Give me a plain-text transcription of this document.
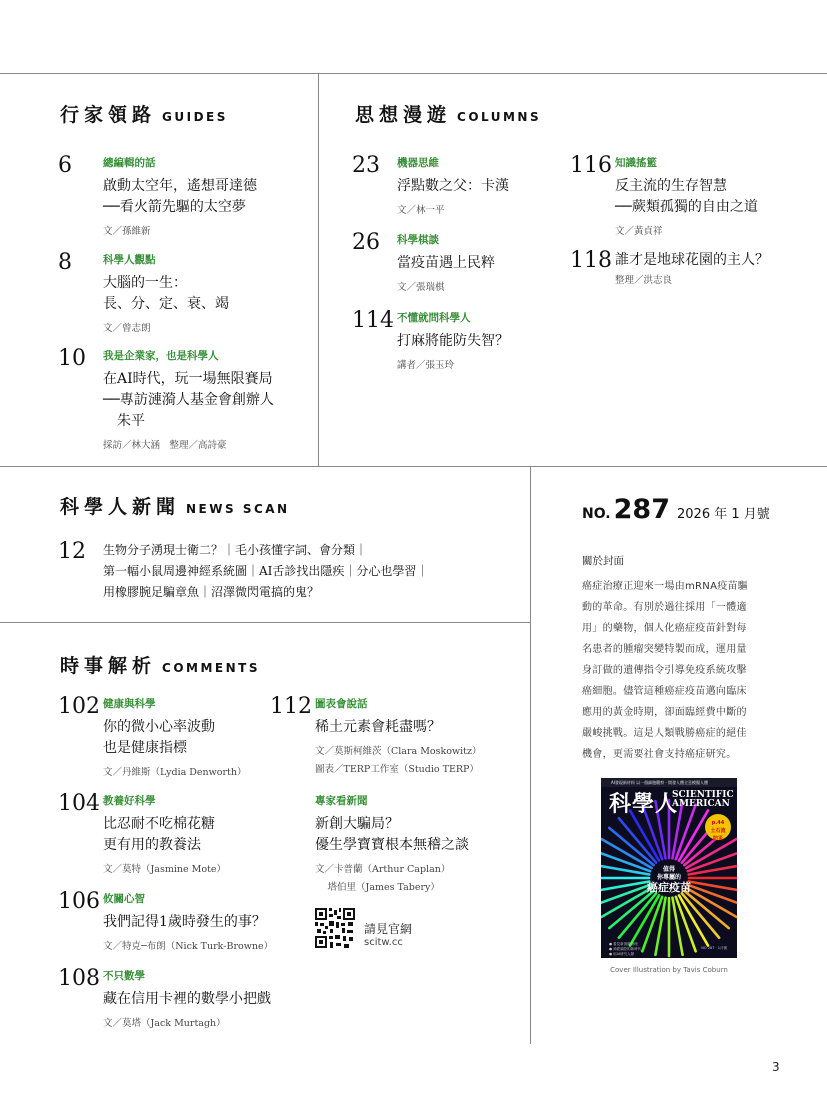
行家領路 GUIDES
6	總編輯的話
啟動太空年，遙想哥達德
──看火箭先驅的太空夢
文／孫維新
8	科學人觀點
大腦的一生：
長、分、定、衰、竭
文／曾志朗
10 我是企業家，也是科學人
在AI時代，玩一場無限賽局
──專訪漣漪人基金會創辦人
　朱平
採訪／林大涵　整理／高詩豪
思想漫遊 COLUMNS
23 機器思維
浮點數之父：卡漢
文／林一平
26 科學棋談
當疫苗遇上民粹
文／張瑞棋
114 不懂就問科學人
打麻將能防失智？
講者／張玉玲
116 知識搖籃
反主流的生存智慧
──蕨類孤獨的自由之道
文／黃貞祥
118 誰才是地球花園的主人？
整理／洪志良
科學人新聞 NEWS SCAN
12 生物分子湧現士衛二？｜毛小孩懂字詞、會分類｜
第一幅小鼠周邊神經系統圖｜AI舌診找出隱疾｜分心也學習｜
用橡膠腕足騙章魚｜沼澤微閃電搞的鬼？
時事解析 COMMENTS
102 健康與科學
你的微小心率波動
也是健康指標
文／丹維斯（Lydia Denworth）
104 教養好科學
比忍耐不吃棉花糖
更有用的教養法
文／莫特（Jasmine Mote）
106 攸關心智
我們記得1歲時發生的事？
文／特克─布朗（Nick Turk-Browne）
108 不只數學
藏在信用卡裡的數學小把戲
文／莫塔（Jack Murtagh）
112 圖表會說話
稀土元素會耗盡嗎？
文／莫斯柯維茨（Clara Moskowitz）
圖表／TERP工作室（Studio TERP）
專家看新聞
新創大騙局？
優生學寶寶根本無稽之談
文／卡普蘭（Arthur Caplan）
　 塔伯里（James Tabery）
請見官網
scitw.cc
NO. 287 2026 年 1 月號
關於封面
癌症治療正迎來一場由mRNA疫苗驅動的革命。有別於過往採用「一體適用」的藥物，個人化癌症疫苗針對每名患者的腫瘤突變特製而成，運用量身訂做的遺傳指令引導免疫系統攻擊癌細胞。儘管這種癌症疫苗邁向臨床應用的黃金時期，卻面臨經費中斷的嚴峻挑戰。這是人類戰勝癌症的絕佳機會，更需要社會支持癌症研究。
AI發現新材料 以一個細胞觀察 · 開發人體全息模擬人體
科學人
SCIENTIFIC
AMERICAN
p.44
土石流
防災
值得
你專屬的
癌症疫苗
● 看見新頂級物理
● 神經調控的新時代
● 用AI研究人類
NO 287 · 1月號
Cover Illustration by Tavis Coburn
3
